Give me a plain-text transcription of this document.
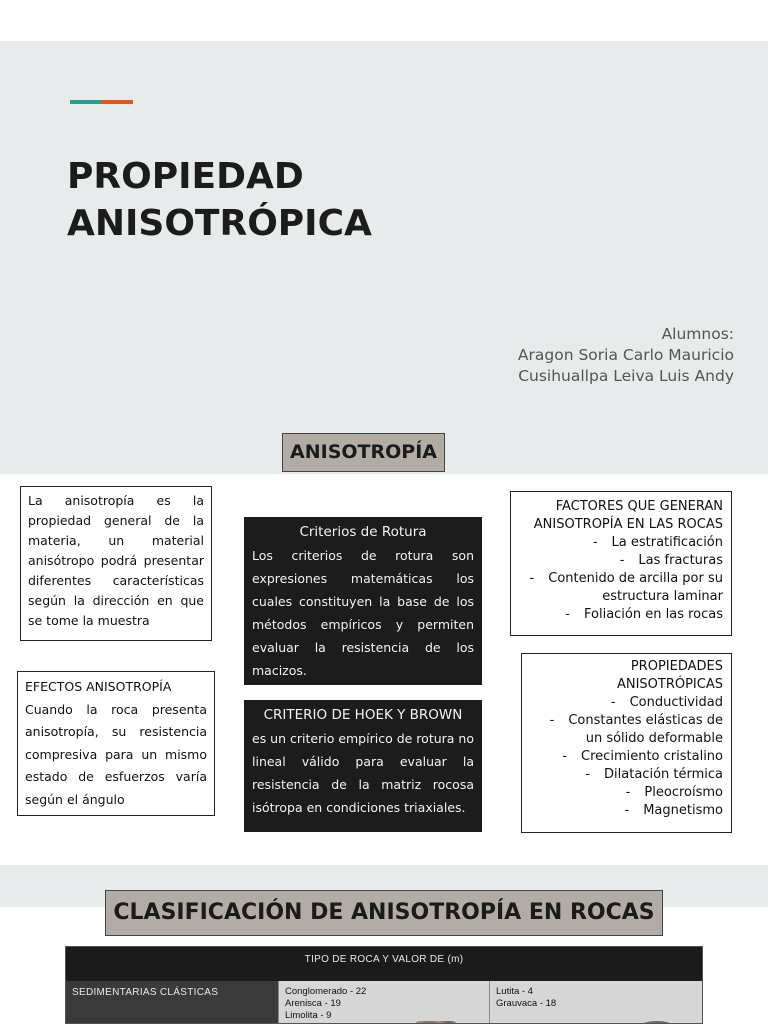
PROPIEDAD
ANISOTRÓPICA
Alumnos:
Aragon Soria Carlo Mauricio
Cusihuallpa Leiva Luis Andy
ANISOTROPÍA
La anisotropía es la propiedad general de la materia, un material anisótropo podrá presentar diferentes características según la dirección en que se tome la muestra
EFECTOS ANISOTROPÍA
Cuando la roca presenta anisotropía, su resistencia compresiva para un mismo estado de esfuerzos varía según el ángulo
Criterios de Rotura
Los criterios de rotura son expresiones matemáticas los cuales constituyen la base de los métodos empíricos y permiten evaluar la resistencia de los macizos.
CRITERIO DE HOEK Y BROWN
es un criterio empírico de rotura no lineal válido para evaluar la resistencia de la matriz rocosa isótropa en condiciones triaxiales.
FACTORES QUE GENERAN ANISOTROPÍA EN LAS ROCAS
- La estratificación
- Las fracturas
- Contenido de arcilla por su estructura laminar
- Foliación en las rocas
PROPIEDADES ANISOTRÓPICAS
- Conductividad
- Constantes elásticas de un sólido deformable
- Crecimiento cristalino
- Dilatación térmica
- Pleocroísmo
- Magnetismo
CLASIFICACIÓN DE ANISOTROPÍA EN ROCAS
TIPO DE ROCA Y VALOR DE (m)
SEDIMENTARIAS CLÁSTICAS	Conglomerado - 22
Arenisca - 19
Limolita - 9
Lutita - 4
Grauvaca - 18
